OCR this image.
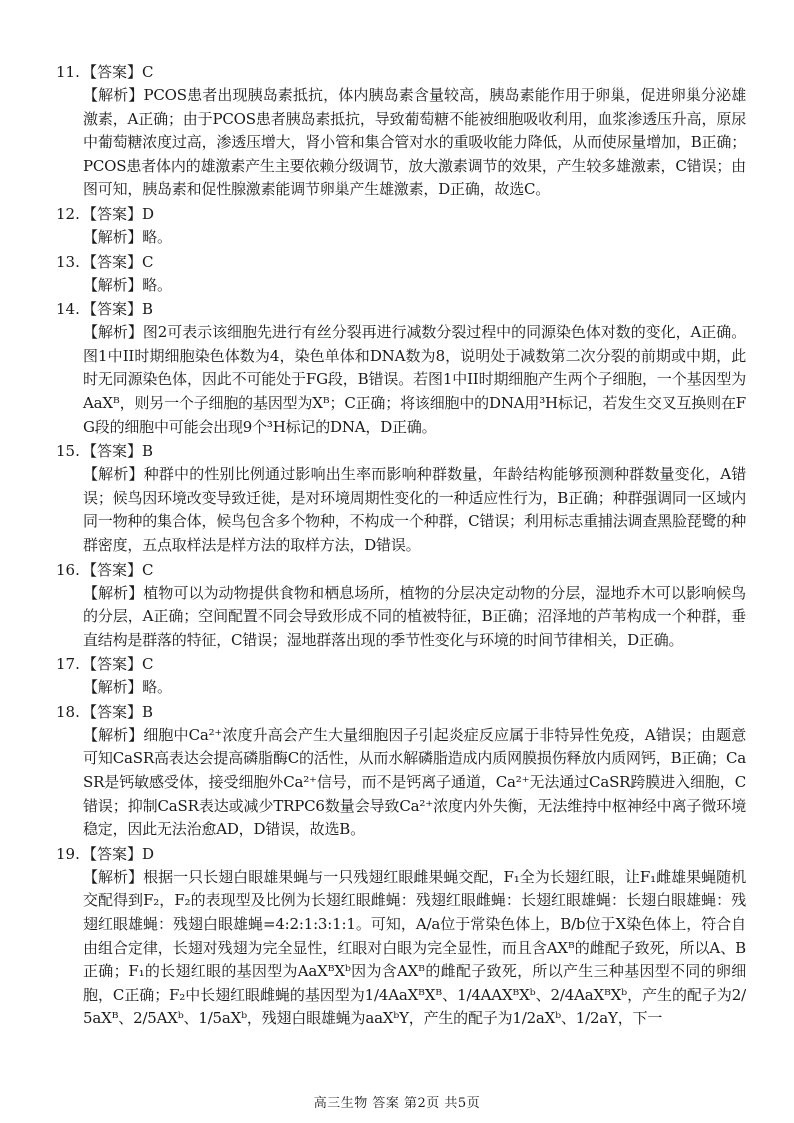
11. 【答案】C
【解析】PCOS患者出现胰岛素抵抗，体内胰岛素含量较高，胰岛素能作用于卵巢，促进卵巢分泌雄激素，A正确；由于PCOS患者胰岛素抵抗，导致葡萄糖不能被细胞吸收利用，血浆渗透压升高，原尿中葡萄糖浓度过高，渗透压增大，肾小管和集合管对水的重吸收能力降低，从而使尿量增加，B正确；PCOS患者体内的雄激素产生主要依赖分级调节，放大激素调节的效果，产生较多雄激素，C错误；由图可知，胰岛素和促性腺激素能调节卵巢产生雄激素，D正确，故选C。
12. 【答案】D
【解析】略。
13. 【答案】C
【解析】略。
14. 【答案】B
【解析】图2可表示该细胞先进行有丝分裂再进行减数分裂过程中的同源染色体对数的变化，A正确。图1中II时期细胞染色体数为4，染色单体和DNA数为8，说明处于减数第二次分裂的前期或中期，此时无同源染色体，因此不可能处于FG段，B错误。若图1中II时期细胞产生两个子细胞，一个基因型为AaXᴮ，则另一个子细胞的基因型为Xᴮ；C正确；将该细胞中的DNA用³H标记，若发生交叉互换则在FG段的细胞中可能会出现9个³H标记的DNA，D正确。
15. 【答案】B
【解析】种群中的性别比例通过影响出生率而影响种群数量，年龄结构能够预测种群数量变化，A错误；候鸟因环境改变导致迁徙，是对环境周期性变化的一种适应性行为，B正确；种群强调同一区域内同一物种的集合体，候鸟包含多个物种，不构成一个种群，C错误；利用标志重捕法调查黑脸琵鹭的种群密度，五点取样法是样方法的取样方法，D错误。
16. 【答案】C
【解析】植物可以为动物提供食物和栖息场所，植物的分层决定动物的分层，湿地乔木可以影响候鸟的分层，A正确；空间配置不同会导致形成不同的植被特征，B正确；沼泽地的芦苇构成一个种群，垂直结构是群落的特征，C错误；湿地群落出现的季节性变化与环境的时间节律相关，D正确。
17. 【答案】C
【解析】略。
18. 【答案】B
【解析】细胞中Ca²⁺浓度升高会产生大量细胞因子引起炎症反应属于非特异性免疫，A错误；由题意可知CaSR高表达会提高磷脂酶C的活性，从而水解磷脂造成内质网膜损伤释放内质网钙，B正确；CaSR是钙敏感受体，接受细胞外Ca²⁺信号，而不是钙离子通道，Ca²⁺无法通过CaSR跨膜进入细胞，C错误；抑制CaSR表达或减少TRPC6数量会导致Ca²⁺浓度内外失衡，无法维持中枢神经中离子微环境稳定，因此无法治愈AD，D错误，故选B。
19. 【答案】D
【解析】根据一只长翅白眼雄果蝇与一只残翅红眼雌果蝇交配，F₁全为长翅红眼，让F₁雌雄果蝇随机交配得到F₂，F₂的表现型及比例为长翅红眼雌蝇：残翅红眼雌蝇：长翅红眼雄蝇：长翅白眼雄蝇：残翅红眼雄蝇：残翅白眼雄蝇=4:2:1:3:1:1。可知，A/a位于常染色体上，B/b位于X染色体上，符合自由组合定律，长翅对残翅为完全显性，红眼对白眼为完全显性，而且含AXᴮ的雌配子致死，所以A、B正确；F₁的长翅红眼的基因型为AaXᴮXᵇ因为含AXᴮ的雌配子致死，所以产生三种基因型不同的卵细胞，C正确；F₂中长翅红眼雌蝇的基因型为1/4AaXᴮXᴮ、1/4AAXᴮXᵇ、2/4AaXᴮXᵇ，产生的配子为2/5aXᴮ、2/5AXᵇ、1/5aXᵇ，残翅白眼雄蝇为aaXᵇY，产生的配子为1/2aXᵇ、1/2aY，下一
高三生物 答案 第2页 共5页
